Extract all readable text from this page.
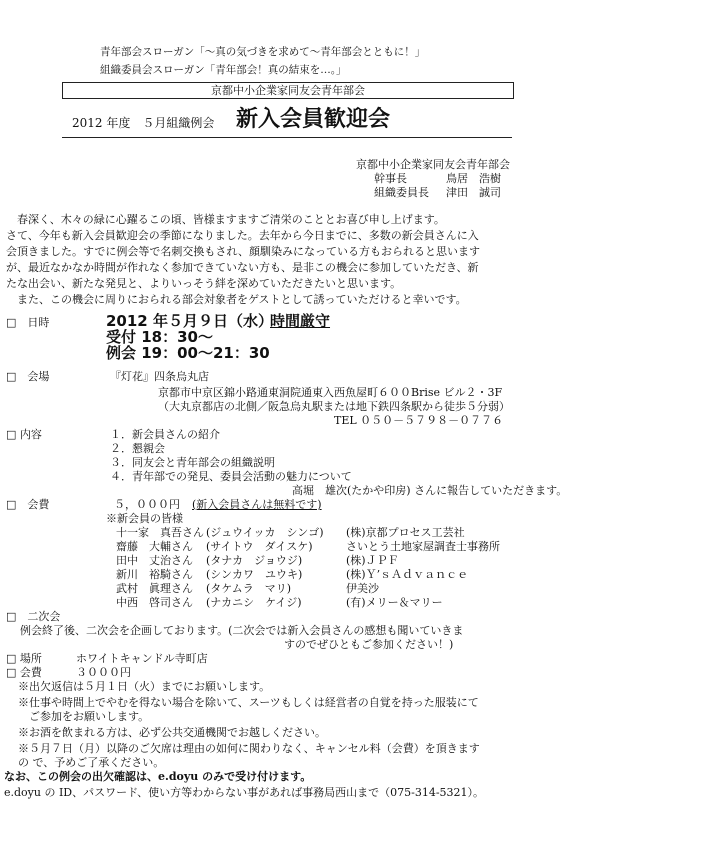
青年部会スローガン「～真の気づきを求めて～青年部会とともに！」
組織委員会スローガン「青年部会！真の結束を…。」
京都中小企業家同友会青年部会
2012 年度　５月組織例会 新入会員歓迎会
京都中小企業家同友会青年部会
幹事長	鳥居　浩樹
組織委員長 津田　誠司
　春深く、木々の緑に心躍るこの頃、皆様ますますご清栄のこととお喜び申し上げます。
さて、今年も新入会員歓迎会の季節になりました。去年から今日までに、多数の新会員さんに入
会頂きました。すでに例会等で名刺交換もされ、顔馴染みになっている方もおられると思います
が、最近なかなか時間が作れなく参加できていない方も、是非この機会に参加していただき、新
たな出会い、新たな発見と、よりいっそう絆を深めていただきたいと思います。
　また、この機会に周りにおられる部会対象者をゲストとして誘っていただけると幸いです。
□　日時	2012 年５月９日（水）
時間厳守
受付 18：30～
例会 19：00～21：30
□　会場	『灯花』四条烏丸店
京都市中京区錦小路通東洞院通東入西魚屋町６００Brise ビル２・3F
（大丸京都店の北側／阪急烏丸駅または地下鉄四条駅から徒歩５分弱）
TEL ０５０－５７９８－０７７６
□ 内容	１．新会員さんの紹介
２．懇親会
３．同友会と青年部会の組織説明
４．青年部での発見、委員会活動の魅力について
高堀　雄次(たかや印房) さんに報告していただきます。
□　会費	５，０００円 (新入会員さんは無料です)
※新会員の皆様
十一家　真吾さん (ジュウイッカ　シンゴ) (株)京都プロセス工芸社
齋藤　大輔さん (サイトウ　ダイスケ)	さいとう土地家屋調査士事務所
田中　丈治さん (タナカ　ジョウジ)	(株)ＪＰＦ
新川　裕騎さん (シンカワ　ユウキ)	(株)Ｙ’ｓＡｄｖａｎｃｅ
武村　眞理さん (タケムラ　マリ)	伊美沙
中西　啓司さん (ナカニシ　ケイジ)	(有)メリー＆マリー
□　二次会
例会終了後、二次会を企画しております。(二次会では新入会員さんの感想も聞いていきま
すのでぜひともご参加ください！)
□ 場所	ホワイトキャンドル寺町店
□ 会費	３０００円
※出欠返信は５月１日（火）までにお願いします。
※仕事や時間上でやむを得ない場合を除いて、スーツもしくは経営者の自覚を持った服装にて
　ご参加をお願いします。
※お酒を飲まれる方は、必ず公共交通機関でお越しください。
※５月７日（月）以降のご欠席は理由の如何に関わりなく、キャンセル料（会費）を頂きます
の で、予めご了承ください。
なお、この例会の出欠確認は、e.doyu のみで受け付けます。
e.doyu の ID、パスワード、使い方等わからない事があれば事務局西山まで（075-314-5321）。
